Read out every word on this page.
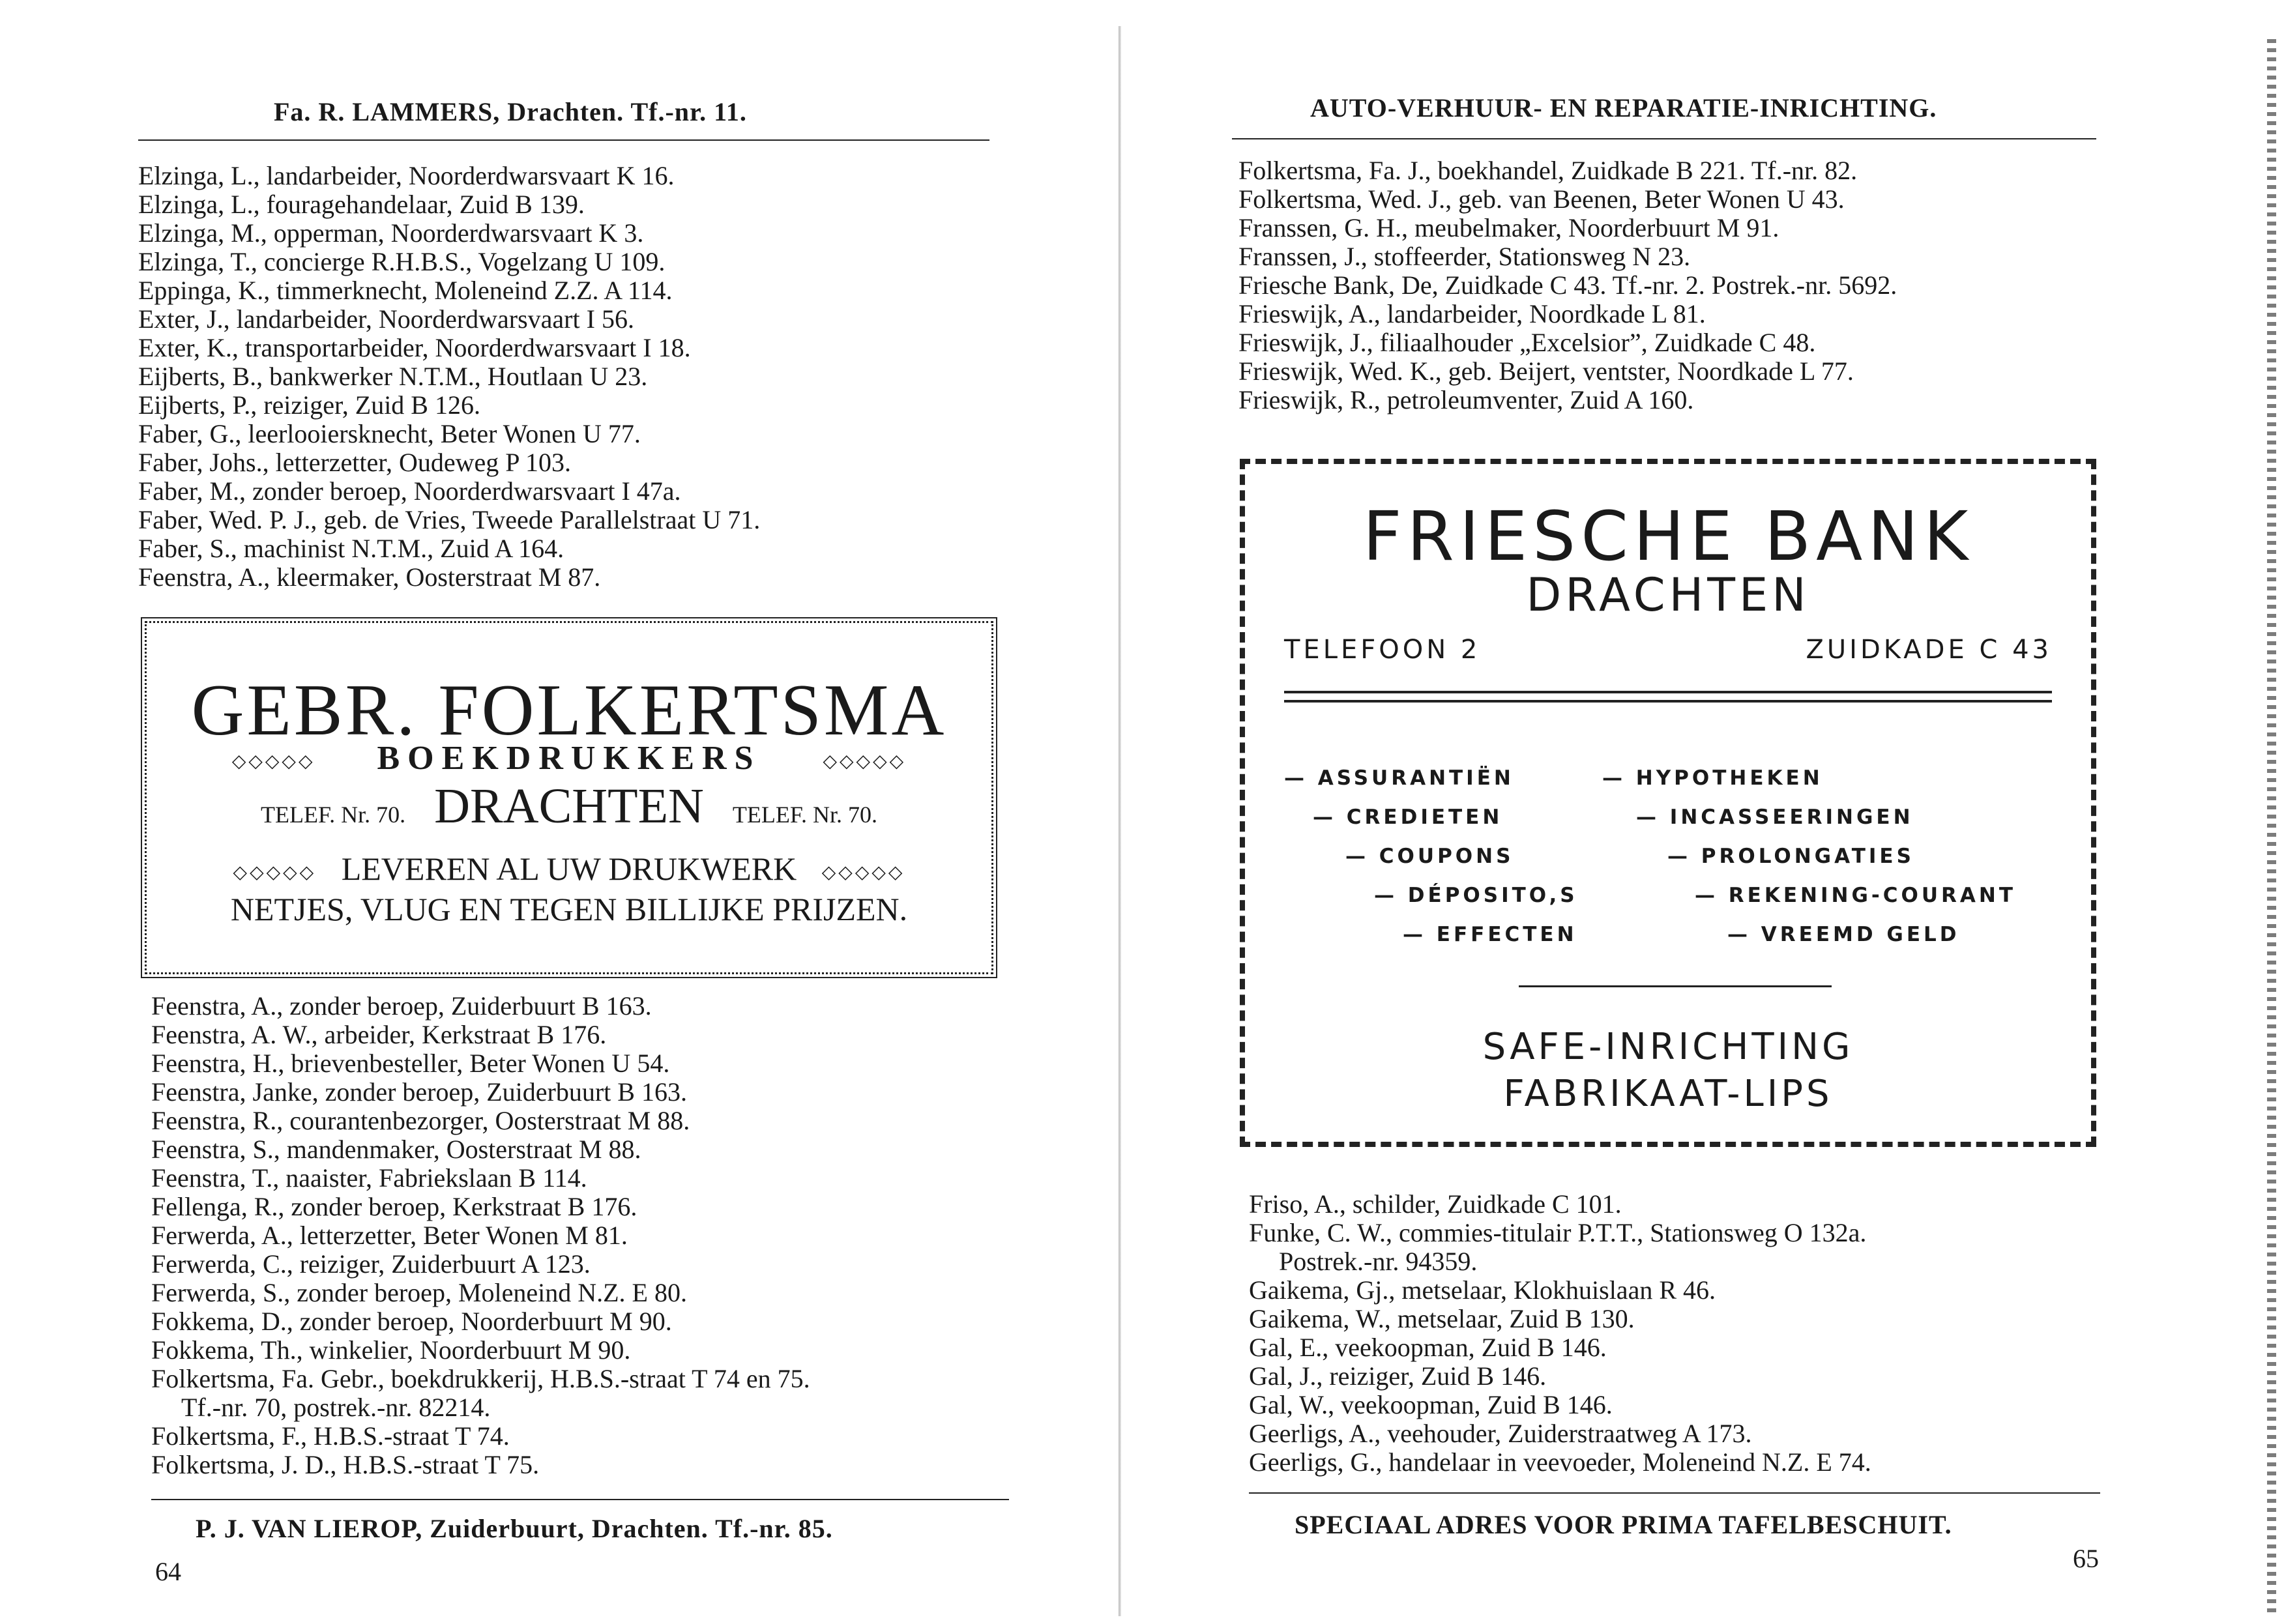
Fa. R. LAMMERS, Drachten. Tf.-nr. 11.
Elzinga, L., landarbeider, Noorderdwarsvaart K 16.
Elzinga, L., fouragehandelaar, Zuid B 139.
Elzinga, M., opperman, Noorderdwarsvaart K 3.
Elzinga, T., concierge R.H.B.S., Vogelzang U 109.
Eppinga, K., timmerknecht, Moleneind Z.Z. A 114.
Exter, J., landarbeider, Noorderdwarsvaart I 56.
Exter, K., transportarbeider, Noorderdwarsvaart I 18.
Eijberts, B., bankwerker N.T.M., Houtlaan U 23.
Eijberts, P., reiziger, Zuid B 126.
Faber, G., leerlooiersknecht, Beter Wonen U 77.
Faber, Johs., letterzetter, Oudeweg P 103.
Faber, M., zonder beroep, Noorderdwarsvaart I 47a.
Faber, Wed. P. J., geb. de Vries, Tweede Parallelstraat U 71.
Faber, S., machinist N.T.M., Zuid A 164.
Feenstra, A., kleermaker, Oosterstraat M 87.
GEBR. FOLKERTSMA
◇◇◇◇◇ BOEKDRUKKERS	◇◇◇◇◇
TELEF. Nr. 70. DRACHTEN TELEF. Nr. 70.
◇◇◇◇◇ LEVEREN AL UW DRUKWERK ◇◇◇◇◇
NETJES, VLUG EN TEGEN BILLIJKE PRIJZEN.
Feenstra, A., zonder beroep, Zuiderbuurt B 163.
Feenstra, A. W., arbeider, Kerkstraat B 176.
Feenstra, H., brievenbesteller, Beter Wonen U 54.
Feenstra, Janke, zonder beroep, Zuiderbuurt B 163.
Feenstra, R., courantenbezorger, Oosterstraat M 88.
Feenstra, S., mandenmaker, Oosterstraat M 88.
Feenstra, T., naaister, Fabriekslaan B 114.
Fellenga, R., zonder beroep, Kerkstraat B 176.
Ferwerda, A., letterzetter, Beter Wonen M 81.
Ferwerda, C., reiziger, Zuiderbuurt A 123.
Ferwerda, S., zonder beroep, Moleneind N.Z. E 80.
Fokkema, D., zonder beroep, Noorderbuurt M 90.
Fokkema, Th., winkelier, Noorderbuurt M 90.
Folkertsma, Fa. Gebr., boekdrukkerij, H.B.S.-straat T 74 en 75.
Tf.-nr. 70, postrek.-nr. 82214.
Folkertsma, F., H.B.S.-straat T 74.
Folkertsma, J. D., H.B.S.-straat T 75.
P. J. VAN LIEROP, Zuiderbuurt, Drachten. Tf.-nr. 85.
64
AUTO-VERHUUR- EN REPARATIE-INRICHTING.
Folkertsma, Fa. J., boekhandel, Zuidkade B 221. Tf.-nr. 82.
Folkertsma, Wed. J., geb. van Beenen, Beter Wonen U 43.
Franssen, G. H., meubelmaker, Noorderbuurt M 91.
Franssen, J., stoffeerder, Stationsweg N 23.
Friesche Bank, De, Zuidkade C 43. Tf.-nr. 2. Postrek.-nr. 5692.
Frieswijk, A., landarbeider, Noordkade L 81.
Frieswijk, J., filiaalhouder „Excelsior”, Zuidkade C 48.
Frieswijk, Wed. K., geb. Beijert, ventster, Noordkade L 77.
Frieswijk, R., petroleumventer, Zuid A 160.
FRIESCHE BANK
DRACHTEN
TELEFOON 2	ZUIDKADE C 43
— ASSURANTIËN
— CREDIETEN
— COUPONS
— DÉPOSITO,S
— EFFECTEN
— HYPOTHEKEN
— INCASSEERINGEN
— PROLONGATIES
— REKENING-COURANT
— VREEMD GELD
SAFE-INRICHTING
FABRIKAAT-LIPS
Friso, A., schilder, Zuidkade C 101.
Funke, C. W., commies-titulair P.T.T., Stationsweg O 132a.
Postrek.-nr. 94359.
Gaikema, Gj., metselaar, Klokhuislaan R 46.
Gaikema, W., metselaar, Zuid B 130.
Gal, E., veekoopman, Zuid B 146.
Gal, J., reiziger, Zuid B 146.
Gal, W., veekoopman, Zuid B 146.
Geerligs, A., veehouder, Zuiderstraatweg A 173.
Geerligs, G., handelaar in veevoeder, Moleneind N.Z. E 74.
SPECIAAL ADRES VOOR PRIMA TAFELBESCHUIT.
65
